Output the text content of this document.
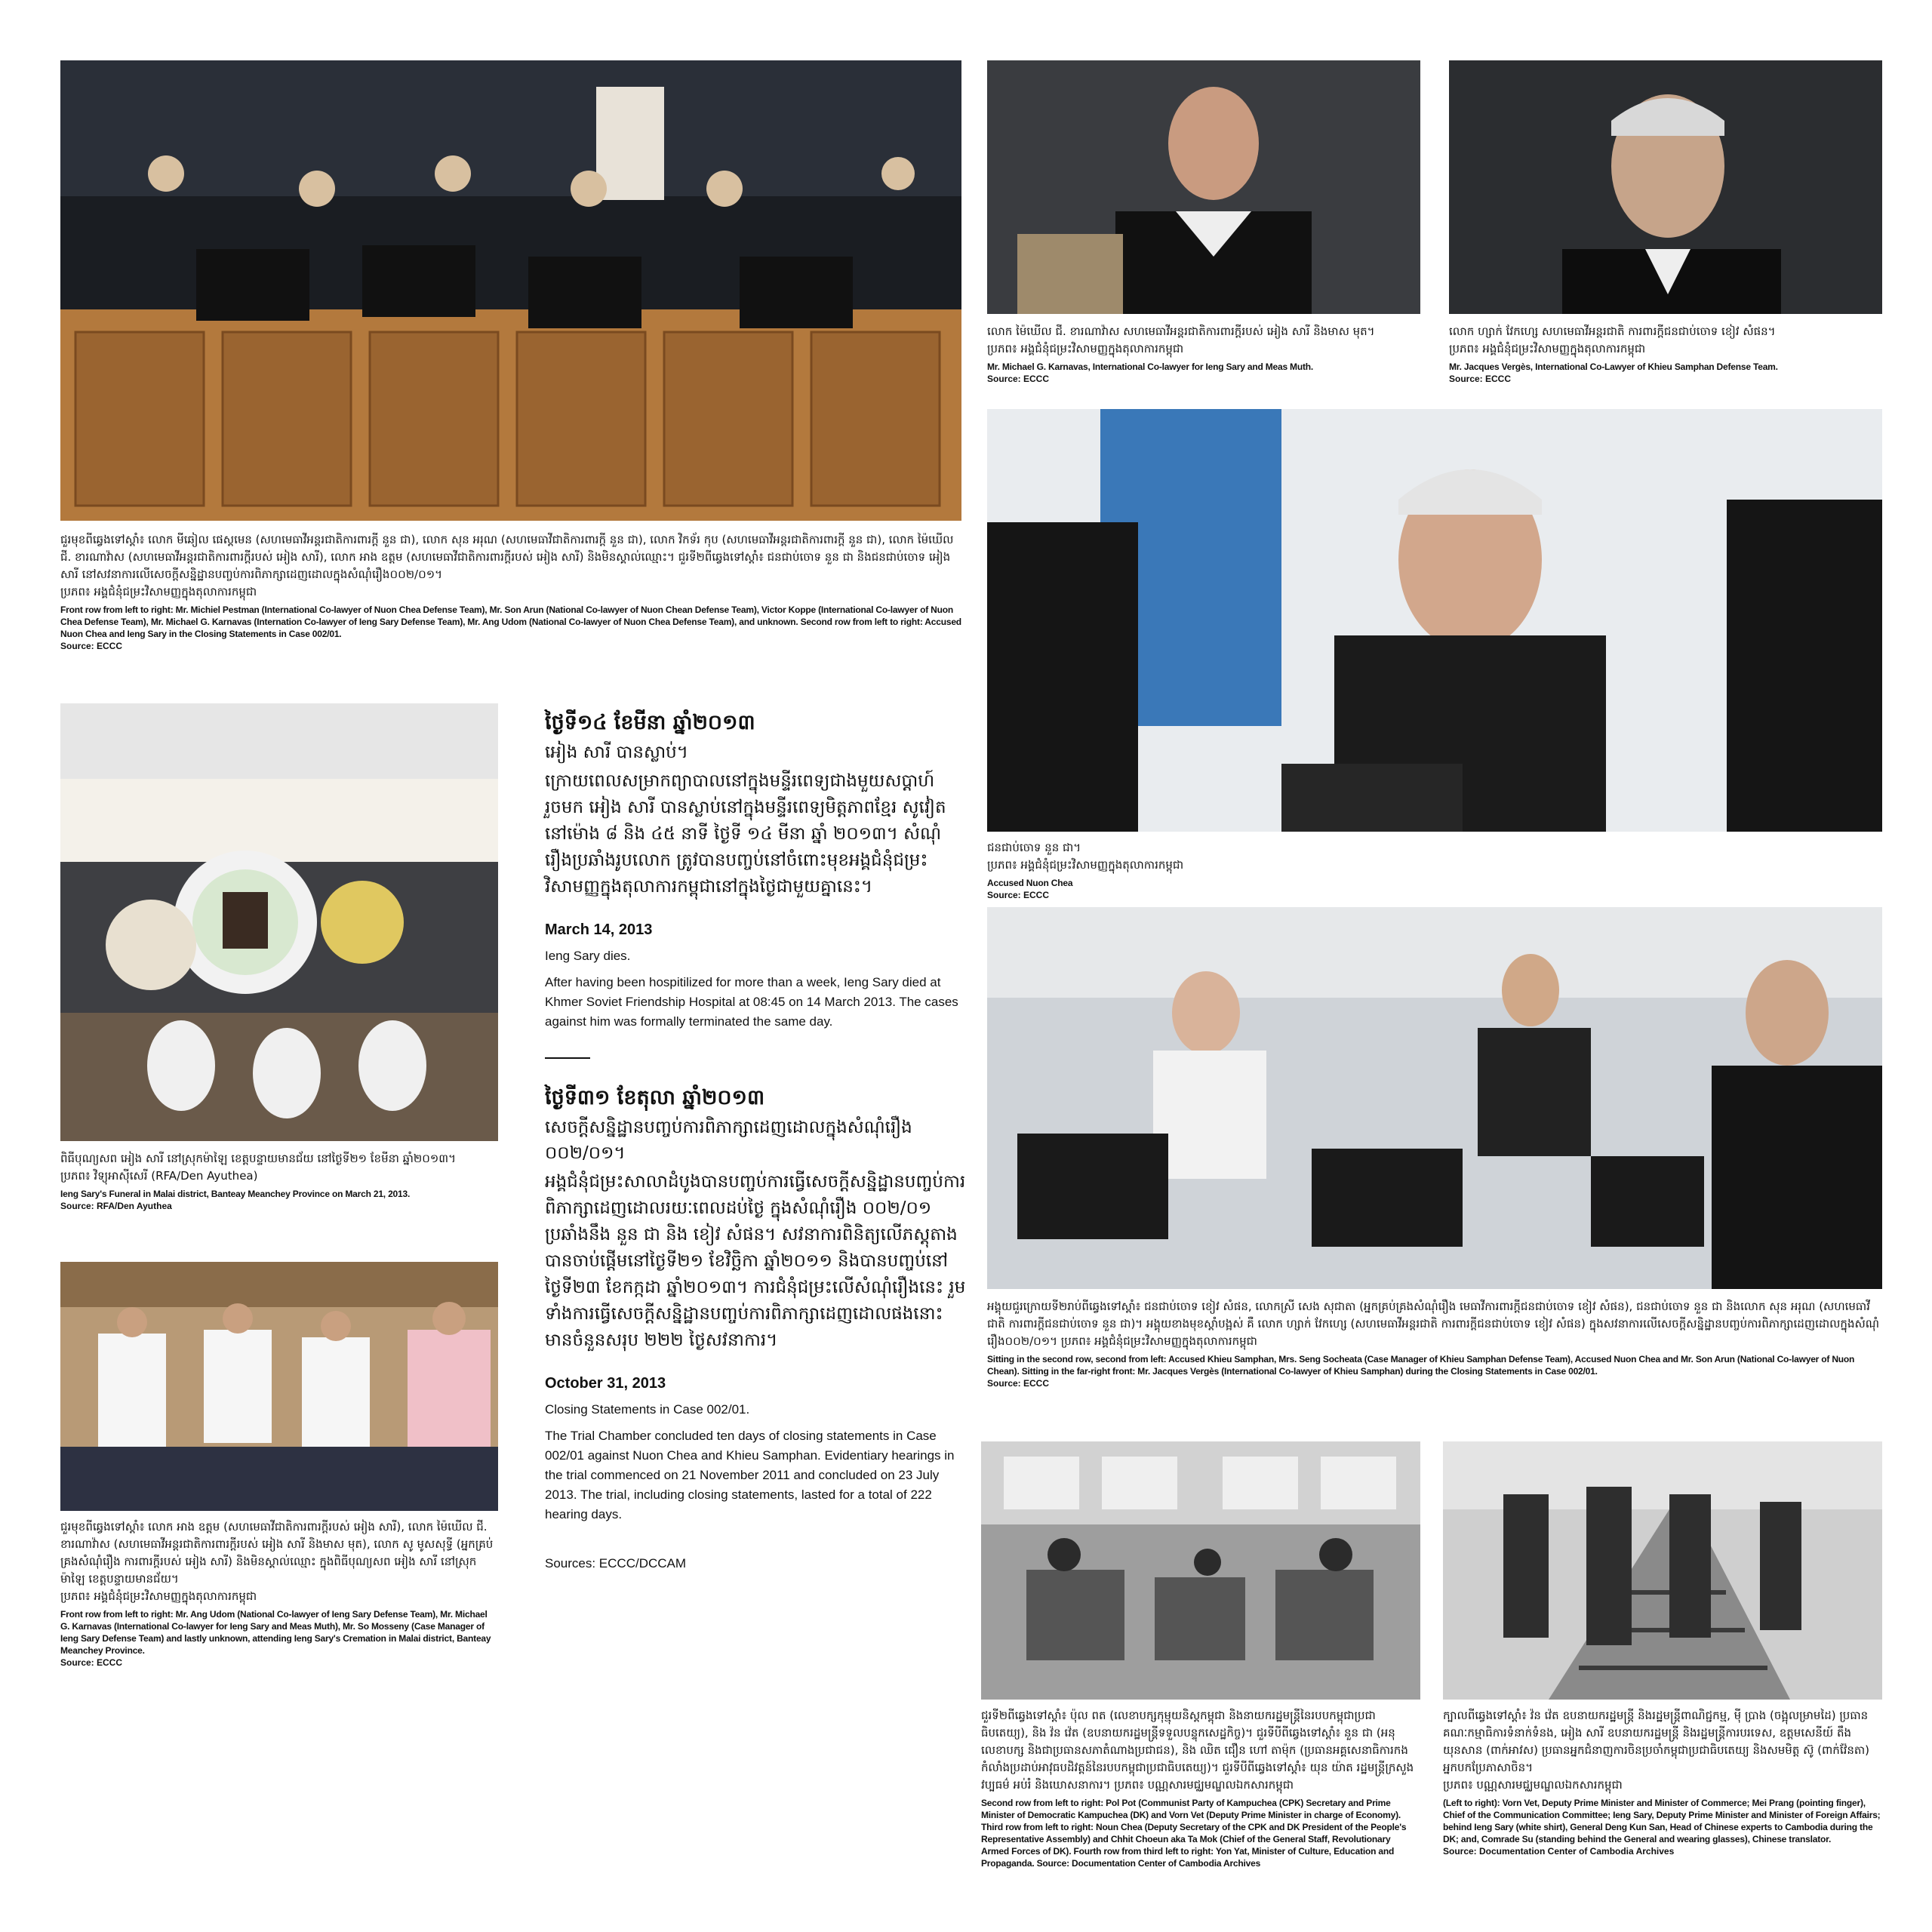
ជួរមុខពីឆ្វេងទៅស្តាំ៖ លោក មីឆៀល ផេស្តមេន (សហមេធាវីអន្តរជាតិការពារក្តី នួន ជា), លោក សុន អរុណ (សហមេធាវីជាតិការពារក្តី នួន ជា), លោក វិកទ័រ កុប (សហមេធាវីអន្តរជាតិការពារក្តី នួន ជា), លោក ម៉ៃឃើល ជី. ខារណាវ៉ាស (សហមេធាវីអន្តរជាតិការពារក្តីរបស់ អៀង សារី), លោក អាង ឧត្តម (សហមេធាវីជាតិការពារក្តីរបស់ អៀង សារី) និងមិនស្គាល់ឈ្មោះ។ ជួរទី២ពីឆ្វេងទៅស្តាំ៖ ជនជាប់ចោទ នួន ជា និងជនជាប់ចោទ អៀង សារី នៅសវនាការលើសេចក្តីសន្និដ្ឋានបញ្ចប់ការពិភាក្សាដេញដោលក្នុងសំណុំរឿង០០២/០១។
ប្រភព៖ អង្គជំនុំជម្រះវិសាមញ្ញក្នុងតុលាការកម្ពុជា
Front row from left to right: Mr. Michiel Pestman (International Co-lawyer of Nuon Chea Defense Team), Mr. Son Arun (National Co-lawyer of Nuon Chean Defense Team), Victor Koppe (International Co-lawyer of Nuon Chea Defense Team), Mr. Michael G. Karnavas (Internation Co-lawyer of Ieng Sary Defense Team), Mr. Ang Udom (National Co-lawyer of Nuon Chea Defense Team), and unknown. Second row from left to right: Accused Nuon Chea and Ieng Sary in the Closing Statements in Case 002/01.
Source: ECCC
លោក ម៉ៃឃើល ជី. ខារណាវ៉ាស សហមេធាវីអន្តរជាតិការពារក្តីរបស់ អៀង សារី និងមាស មុត។
ប្រភព៖ អង្គជំនុំជម្រះវិសាមញ្ញក្នុងតុលាការកម្ពុជា
Mr. Michael G. Karnavas, International Co-lawyer for Ieng Sary and Meas Muth.
Source: ECCC
លោក ហ្សាក់ វែកហ្សេ សហមេធាវីអន្តរជាតិ ការពារក្តីជនជាប់ចោទ ខៀវ សំផន។
ប្រភព៖ អង្គជំនុំជម្រះវិសាមញ្ញក្នុងតុលាការកម្ពុជា
Mr. Jacques Vergès, International Co-Lawyer of Khieu Samphan Defense Team.
Source: ECCC
ជនជាប់ចោទ នួន ជា។
ប្រភព៖ អង្គជំនុំជម្រះវិសាមញ្ញក្នុងតុលាការកម្ពុជា
Accused Nuon Chea
Source: ECCC
ពិធីបុណ្យសព អៀង សារី នៅស្រុកម៉ាឡៃ ខេត្តបន្ទាយមានជ័យ នៅថ្ងៃទី២១ ខែមីនា ឆ្នាំ២០១៣។
ប្រភព៖ វិទ្យុអាស៊ីសេរី (RFA/Den Ayuthea)
Ieng Sary's Funeral in Malai district, Banteay Meanchey Province on March 21, 2013.
Source: RFA/Den Ayuthea
ជួរមុខពីឆ្វេងទៅស្តាំ៖ លោក អាង ឧត្តម (សហមេធាវីជាតិការពារក្តីរបស់ អៀង សារី), លោក ម៉ៃឃើល ជី. ខារណាវ៉ាស (សហមេធាវីអន្តរជាតិការពារក្តីរបស់ អៀង សារី និងមាស មុត), លោក សូ មូសសុទ្ធី (អ្នកគ្រប់គ្រងសំណុំរឿង ការពារក្តីរបស់ អៀង សារី) និងមិនស្គាល់ឈ្មោះ ក្នុងពិធីបុណ្យសព អៀង សារី នៅស្រុកម៉ាឡៃ ខេត្តបន្ទាយមានជ័យ។
ប្រភព៖ អង្គជំនុំជម្រះវិសាមញ្ញក្នុងតុលាការកម្ពុជា
Front row from left to right: Mr. Ang Udom (National Co-lawyer of Ieng Sary Defense Team), Mr. Michael G. Karnavas (International Co-lawyer for Ieng Sary and Meas Muth), Mr. So Mosseny (Case Manager of Ieng Sary Defense Team) and lastly unknown, attending Ieng Sary's Cremation in Malai district, Banteay Meanchey Province.
Source: ECCC
អង្គុយជួរក្រោយទី២រាប់ពីឆ្វេងទៅស្តាំ៖ ជនជាប់ចោទ ខៀវ សំផន, លោកស្រី សេង សុជាតា (អ្នកគ្រប់គ្រងសំណុំរឿង មេធាវីការពារក្តីជនជាប់ចោទ ខៀវ សំផន), ជនជាប់ចោទ នួន ជា និងលោក សុន អរុណ (សហមេធាវីជាតិ ការពារក្តីជនជាប់ចោទ នួន ជា)។ អង្គុយខាងមុខស្តាំបង្អស់ គឺ លោក ហ្សាក់ វែកហ្សេ (សហមេធាវីអន្តរជាតិ ការពារក្តីជនជាប់ចោទ ខៀវ សំផន) ក្នុងសវនាការលើសេចក្តីសន្និដ្ឋានបញ្ចប់ការពិភាក្សាដេញដោលក្នុងសំណុំរឿង០០២/០១។ ប្រភព៖ អង្គជំនុំជម្រះវិសាមញ្ញក្នុងតុលាការកម្ពុជា
Sitting in the second row, second from left: Accused Khieu Samphan, Mrs. Seng Socheata (Case Manager of Khieu Samphan Defense Team), Accused Nuon Chea and Mr. Son Arun (National Co-lawyer of Nuon Chean). Sitting in the far-right front: Mr. Jacques Vergès (International Co-lawyer of Khieu Samphan) during the Closing Statements in Case 002/01.
Source: ECCC
ជួរទី២ពីឆ្វេងទៅស្តាំ៖ ប៉ុល ពត (លេខាបក្សកុម្មុយនិស្តកម្ពុជា និងនាយករដ្ឋមន្ត្រីនៃរបបកម្ពុជាប្រជាធិបតេយ្យ), និង វ៉ន វ៉េត (ឧបនាយករដ្ឋមន្ត្រីទទួលបន្ទុកសេដ្ឋកិច្ច)។ ជួរទីបីពីឆ្វេងទៅស្តាំ៖ នួន ជា (អនុលេខាបក្ស និងជាប្រធានសភាតំណាងប្រជាជន), និង ឈិត ជឿន ហៅ តាម៉ុក (ប្រធានអគ្គសេនាធិការកងកំលាំងប្រដាប់អាវុធបដិវត្តន៍នៃរបបកម្ពុជាប្រជាធិបតេយ្យ)។ ជួរទីបីពីឆ្វេងទៅស្តាំ៖ យុន យ៉ាត រដ្ឋមន្ត្រីក្រសួងវប្បធម៌ អប់រំ និងឃោសនាការ។ ប្រភព៖ បណ្ណសារមជ្ឈមណ្ឌលឯកសារកម្ពុជា
Second row from left to right: Pol Pot (Communist Party of Kampuchea (CPK) Secretary and Prime Minister of Democratic Kampuchea (DK) and Vorn Vet (Deputy Prime Minister in charge of Economy). Third row from left to right: Noun Chea (Deputy Secretary of the CPK and DK President of the People's Representative Assembly) and Chhit Choeun aka Ta Mok (Chief of the General Staff, Revolutionary Armed Forces of DK). Fourth row from third left to right: Yon Yat, Minister of Culture, Education and Propaganda. Source: Documentation Center of Cambodia Archives
ក្បាលពីឆ្វេងទៅស្តាំ៖ វ៉ន វ៉េត ឧបនាយករដ្ឋមន្ត្រី និងរដ្ឋមន្ត្រីពាណិជ្ជកម្ម, ម៉ី ប្រាង (ចង្អុលម្រាមដៃ) ប្រធានគណៈកម្មាធិការទំនាក់ទំនង, អៀង សារី ឧបនាយករដ្ឋមន្ត្រី និងរដ្ឋមន្ត្រីការបរទេស, ឧត្តមសេនីយ៍ តឹង យុនសាន (ពាក់អាវស) ប្រធានអ្នកជំនាញការចិនប្រចាំកម្ពុជាប្រជាធិបតេយ្យ និងសមមិត្ត ស៊ូ (ពាក់វ៉ែនតា) អ្នកបកប្រែភាសាចិន។
ប្រភព៖ បណ្ណសារមជ្ឈមណ្ឌលឯកសារកម្ពុជា
(Left to right): Vorn Vet, Deputy Prime Minister and Minister of Commerce; Mei Prang (pointing finger), Chief of the Communication Committee; Ieng Sary, Deputy Prime Minister and Minister of Foreign Affairs; behind Ieng Sary (white shirt), General Deng Kun San, Head of Chinese experts to Cambodia during the DK; and, Comrade Su (standing behind the General and wearing glasses), Chinese translator.
Source: Documentation Center of Cambodia Archives

ថ្ងៃទី១៤ ខែមីនា ឆ្នាំ២០១៣

អៀង សារី បានស្លាប់។

ក្រោយពេលសម្រាកព្យាបាលនៅក្នុងមន្ទីរពេទ្យជាងមួយសប្តាហ៍រួចមក អៀង សារី បានស្លាប់នៅក្នុងមន្ទីរពេទ្យមិត្តភាពខ្មែរ សូវៀត នៅម៉ោង ៨ និង ៤៥ នាទី ថ្ងៃទី ១៤ មីនា ឆ្នាំ ២០១៣។ សំណុំរឿងប្រឆាំងរូបលោក ត្រូវបានបញ្ចប់នៅចំពោះមុខអង្គជំនុំជម្រះវិសាមញ្ញក្នុងតុលាការកម្ពុជានៅក្នុងថ្ងៃជាមួយគ្នានេះ។

March 14, 2013

Ieng Sary dies.

After having been hospitilized for more than a week, Ieng Sary died at Khmer Soviet Friendship Hospital at 08:45 on 14 March 2013. The cases against him was formally terminated the same day.

ថ្ងៃទី៣១ ខែតុលា ឆ្នាំ២០១៣

សេចក្តីសន្និដ្ឋានបញ្ចប់ការពិភាក្សាដេញដោលក្នុងសំណុំរឿង ០០២/០១។

អង្គជំនុំជម្រះសាលាដំបូងបានបញ្ចប់ការធ្វើសេចក្តីសន្និដ្ឋានបញ្ចប់ការពិភាក្សាដេញដោលរយៈពេលដប់ថ្ងៃ ក្នុងសំណុំរឿង ០០២/០១ ប្រឆាំងនឹង នួន ជា និង ខៀវ សំផន។ សវនាការពិនិត្យលើភស្តុតាងបានចាប់ផ្តើមនៅថ្ងៃទី២១ ខែវិច្ឆិកា ឆ្នាំ២០១១ និងបានបញ្ចប់នៅថ្ងៃទី២៣ ខែកក្កដា ឆ្នាំ២០១៣។ ការជំនុំជម្រះលើសំណុំរឿងនេះ រួមទាំងការធ្វើសេចក្តីសន្និដ្ឋានបញ្ចប់ការពិភាក្សាដេញដោលផងនោះ មានចំនួនសរុប ២២២ ថ្ងៃសវនាការ។

October 31, 2013

Closing Statements in Case 002/01.

The Trial Chamber concluded ten days of closing statements in Case 002/01 against Nuon Chea and Khieu Samphan. Evidentiary hearings in the trial commenced on 21 November 2011 and concluded on 23 July 2013. The trial, including closing statements, lasted for a total of 222 hearing days.

Sources: ECCC/DCCAM
